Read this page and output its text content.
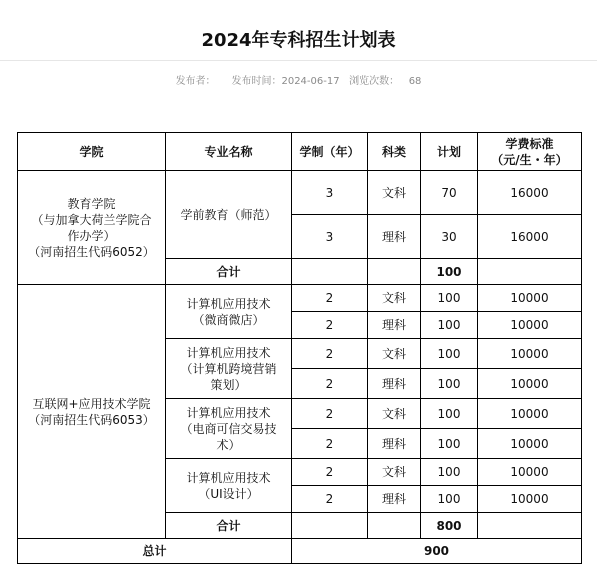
2024年专科招生计划表
发布者： 发布时间：2024-06-17 浏览次数： 68
学院	专业名称	学制（年）	科类	计划	学费标准
（元/生・年）
教育学院
（与加拿大荷兰学院合
作办学）
（河南招生代码6052）	学前教育（师范）	3	文科	70	16000
		3	理科	30	16000
	合计			100	
互联网+应用技术学院
（河南招生代码6053）	计算机应用技术
（微商微店）	2	文科	100	10000
		2	理科	100	10000
	计算机应用技术
（计算机跨境营销
策划）	2	文科	100	10000
		2	理科	100	10000
	计算机应用技术
（电商可信交易技
术）	2	文科	100	10000
		2	理科	100	10000
	计算机应用技术
（UI设计）	2	文科	100	10000
		2	理科	100	10000
	合计			800	
总计		900			
